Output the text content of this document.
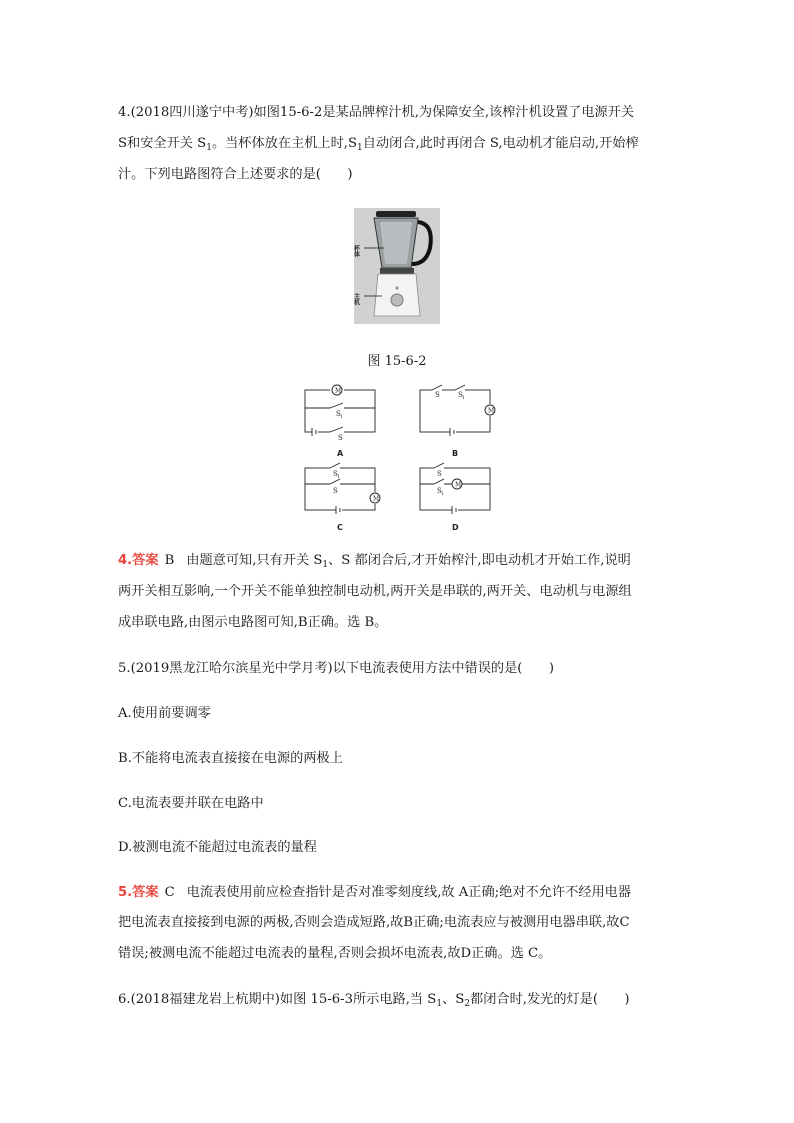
4.(2018四川遂宁中考)如图15-6-2是某品牌榨汁机,为保障安全,该榨汁机设置了电源开关
S和安全开关 $S_1$。当杯体放在主机上时$,S_1$自动闭合,此时再闭合 S,电动机才能启动,开始榨
汁。下列电路图符合上述要求的是(　　)
杯体
主机
图 15-6-2
M
M
M
M
S 1
S
S	S 1
S 1
S
S
S 1
A	B
C	D
4.答案 B 由题意可知,只有开关 $S_1$、S 都闭合后,才开始榨汁,即电动机才开始工作,说明
两开关相互影响,一个开关不能单独控制电动机,两开关是串联的,两开关、电动机与电源组
成串联电路,由图示电路图可知,B正确。选 B。
5.(2019黑龙江哈尔滨星光中学月考)以下电流表使用方法中错误的是(　　)
A.使用前要调零
B.不能将电流表直接接在电源的两极上
C.电流表要并联在电路中
D.被测电流不能超过电流表的量程
5.答案 C 电流表使用前应检查指针是否对准零刻度线,故 A正确;绝对不允许不经用电器
把电流表直接接到电源的两极,否则会造成短路,故B正确;电流表应与被测用电器串联,故C
错误;被测电流不能超过电流表的量程,否则会损坏电流表,故D正确。选 C。
6.(2018福建龙岩上杭期中)如图 15-6-3所示电路,当 $S_1$、$S_2$都闭合时,发光的灯是(　　)
